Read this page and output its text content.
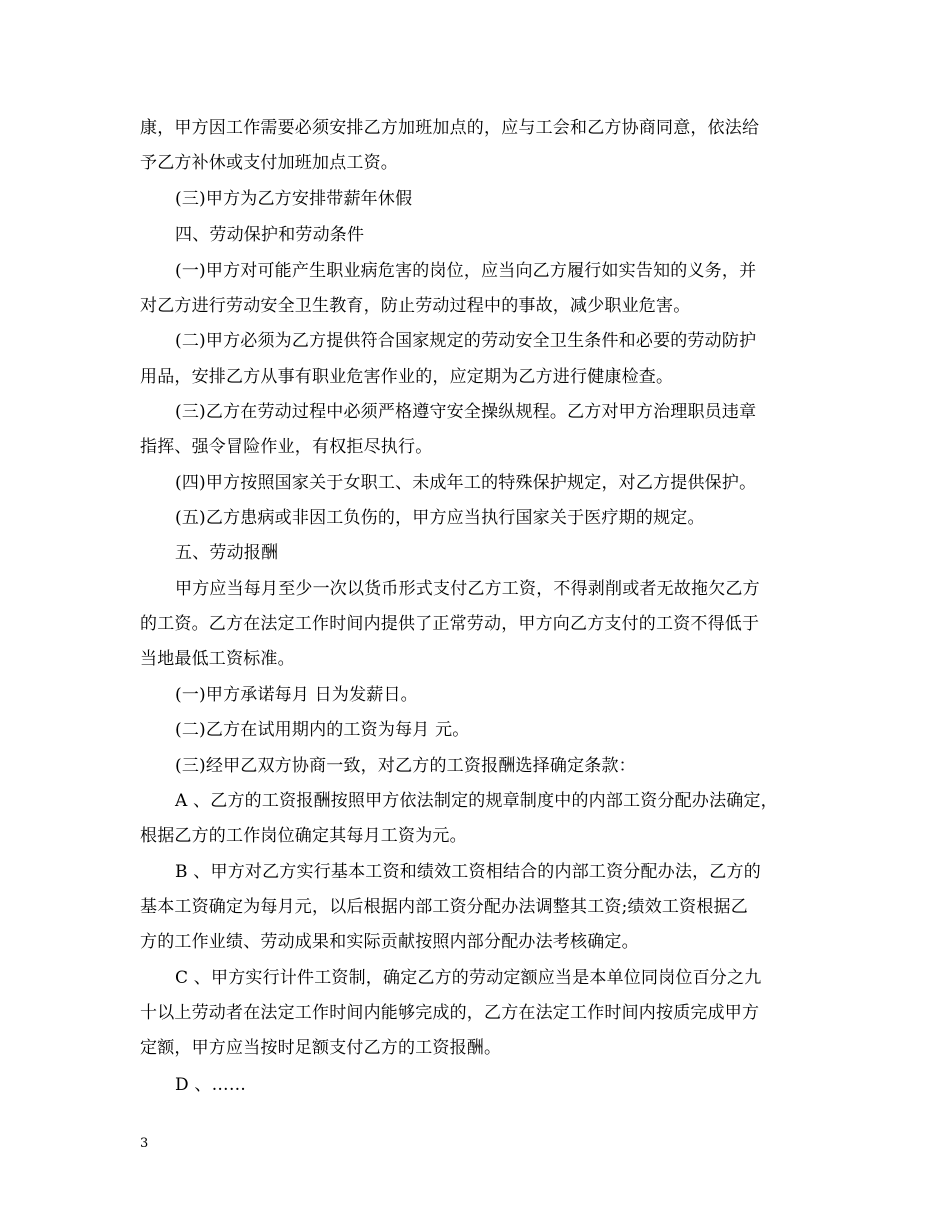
康，甲方因工作需要必须安排乙方加班加点的，应与工会和乙方协商同意，依法给
予乙方补休或支付加班加点工资。
(三)甲方为乙方安排带薪年休假
四、劳动保护和劳动条件
(一)甲方对可能产生职业病危害的岗位，应当向乙方履行如实告知的义务，并
对乙方进行劳动安全卫生教育，防止劳动过程中的事故，减少职业危害。
(二)甲方必须为乙方提供符合国家规定的劳动安全卫生条件和必要的劳动防护
用品，安排乙方从事有职业危害作业的，应定期为乙方进行健康检查。
(三)乙方在劳动过程中必须严格遵守安全操纵规程。乙方对甲方治理职员违章
指挥、强令冒险作业，有权拒尽执行。
(四)甲方按照国家关于女职工、未成年工的特殊保护规定，对乙方提供保护。
(五)乙方患病或非因工负伤的，甲方应当执行国家关于医疗期的规定。
五、劳动报酬
甲方应当每月至少一次以货币形式支付乙方工资，不得剥削或者无故拖欠乙方
的工资。乙方在法定工作时间内提供了正常劳动，甲方向乙方支付的工资不得低于
当地最低工资标准。
(一)甲方承诺每月 日为发薪日。
(二)乙方在试用期内的工资为每月 元。
(三)经甲乙双方协商一致，对乙方的工资报酬选择确定条款：
A 、乙方的工资报酬按照甲方依法制定的规章制度中的内部工资分配办法确定，
根据乙方的工作岗位确定其每月工资为元。
B 、甲方对乙方实行基本工资和绩效工资相结合的内部工资分配办法，乙方的
基本工资确定为每月元，以后根据内部工资分配办法调整其工资;绩效工资根据乙
方的工作业绩、劳动成果和实际贡献按照内部分配办法考核确定。
C 、甲方实行计件工资制，确定乙方的劳动定额应当是本单位同岗位百分之九
十以上劳动者在法定工作时间内能够完成的，乙方在法定工作时间内按质完成甲方
定额，甲方应当按时足额支付乙方的工资报酬。
D 、……
3
